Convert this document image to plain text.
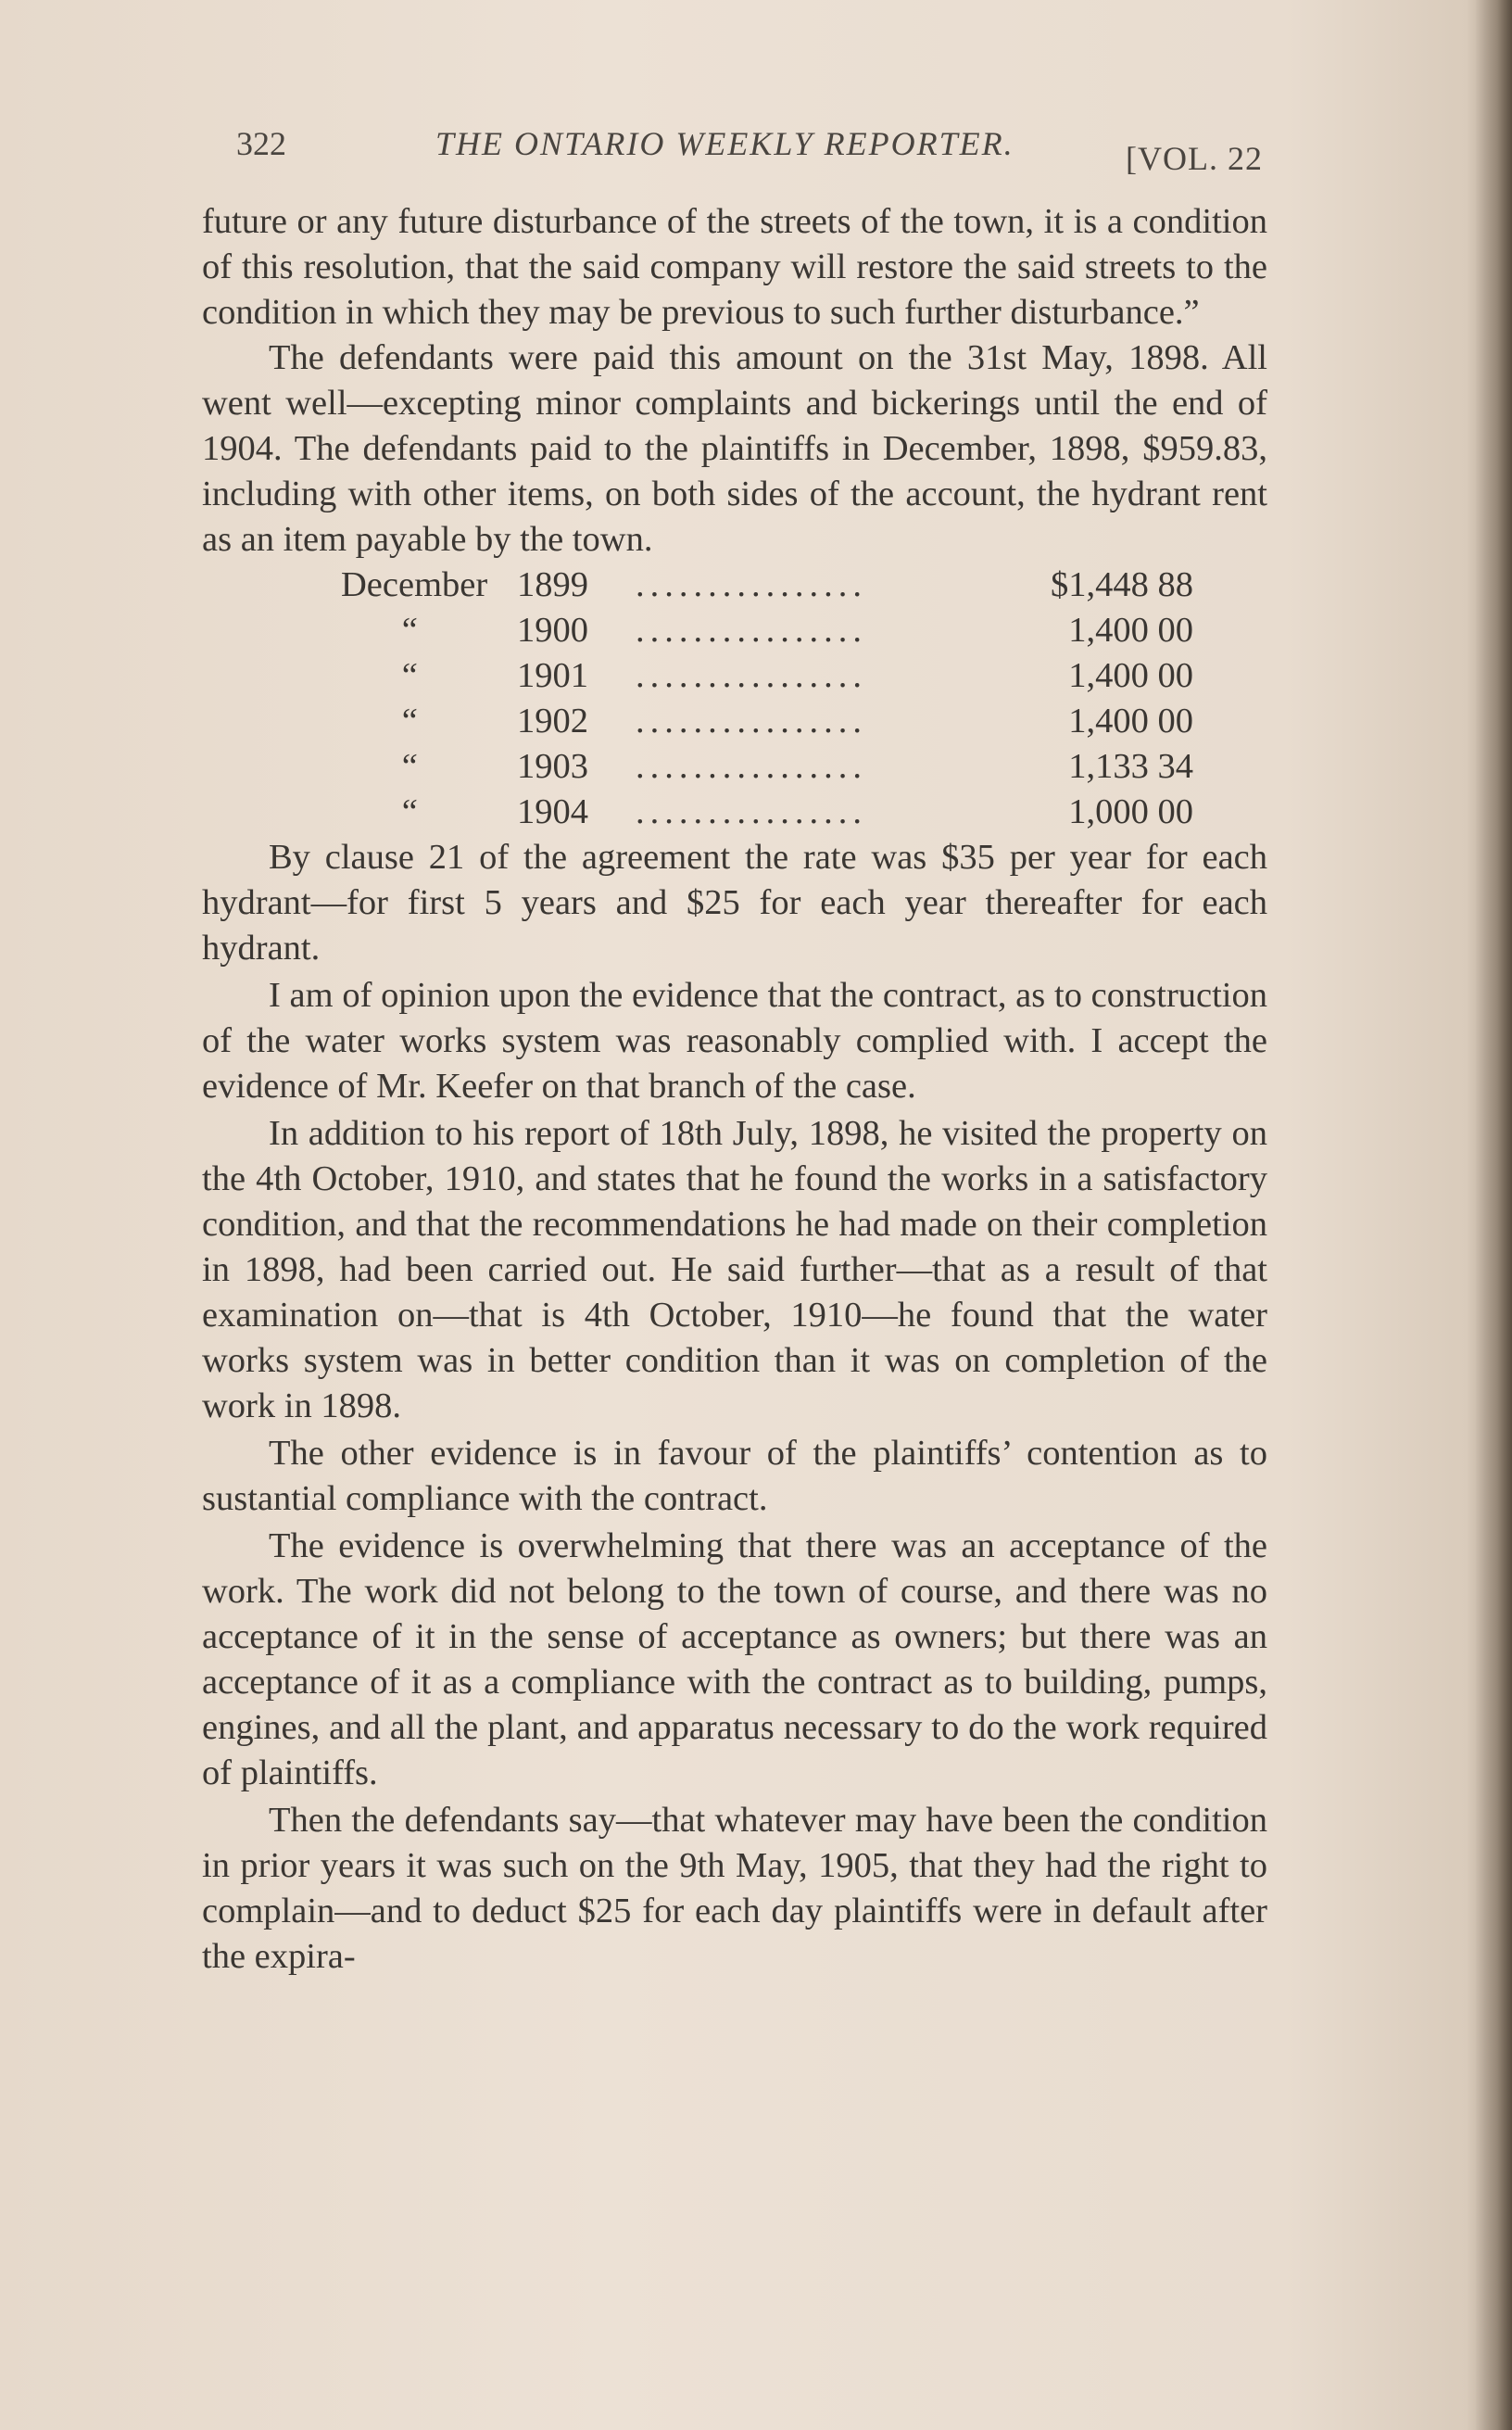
322	THE ONTARIO WEEKLY REPORTER.	[VOL. 22

future or any future disturbance of the streets of the town, it is a condition of this resolution, that the said company will restore the said streets to the condition in which they may be previous to such further disturbance.”

The defendants were paid this amount on the 31st May, 1898. All went well—excepting minor complaints and bickerings until the end of 1904. The defendants paid to the plaintiffs in December, 1898, $959.83, including with other items, on both sides of the account, the hydrant rent as an item payable by the town.

December 1899	................	$1,448 88
“	1900	................	1,400 00
“	1901	................	1,400 00
“	1902	................	1,400 00
“	1903	................	1,133 34
“	1904	................	1,000 00

By clause 21 of the agreement the rate was $35 per year for each hydrant—for first 5 years and $25 for each year thereafter for each hydrant.

I am of opinion upon the evidence that the contract, as to construction of the water works system was reasonably complied with. I accept the evidence of Mr. Keefer on that branch of the case.

In addition to his report of 18th July, 1898, he visited the property on the 4th October, 1910, and states that he found the works in a satisfactory condition, and that the recommendations he had made on their completion in 1898, had been carried out. He said further—that as a result of that examination on—that is 4th October, 1910—he found that the water works system was in better condition than it was on completion of the work in 1898.

The other evidence is in favour of the plaintiffs’ contention as to sustantial compliance with the contract.

The evidence is overwhelming that there was an acceptance of the work. The work did not belong to the town of course, and there was no acceptance of it in the sense of acceptance as owners; but there was an acceptance of it as a compliance with the contract as to building, pumps, engines, and all the plant, and apparatus necessary to do the work required of plaintiffs.

Then the defendants say—that whatever may have been the condition in prior years it was such on the 9th May, 1905, that they had the right to complain—and to deduct $25 for each day plaintiffs were in default after the expira-
